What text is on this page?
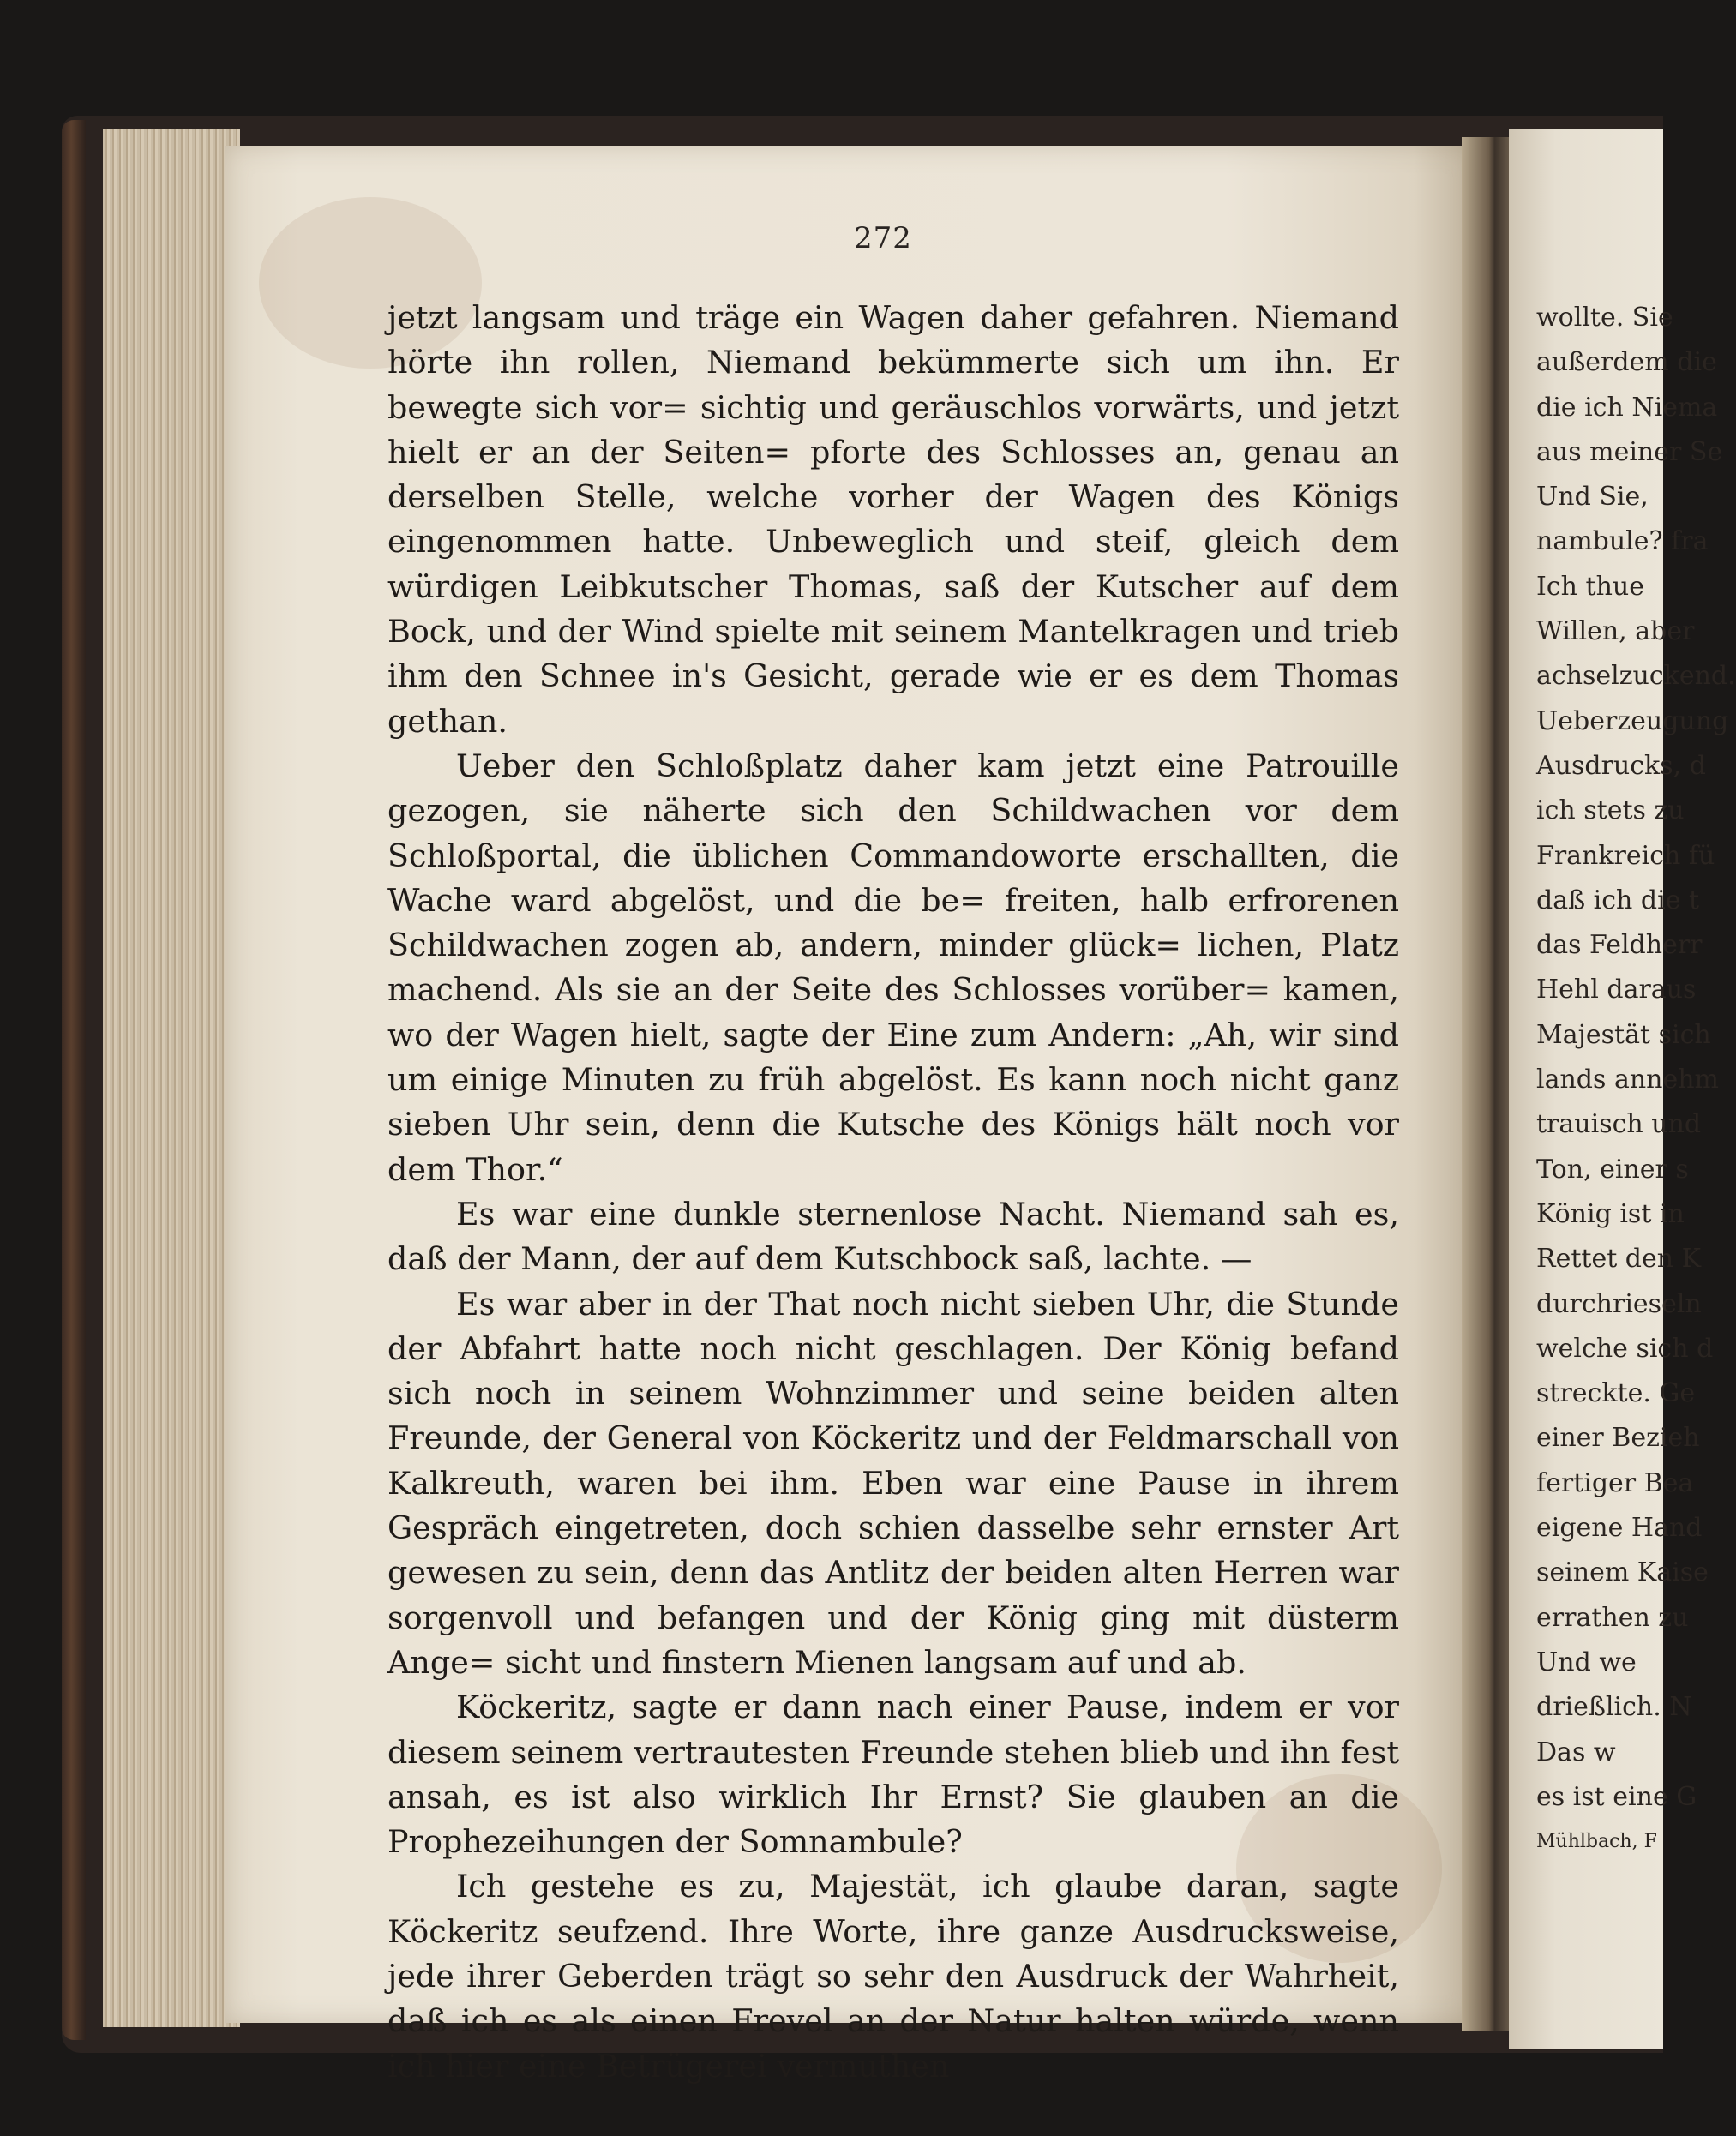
272

jetzt langsam und träge ein Wagen daher gefahren. Niemand hörte ihn rollen, Niemand bekümmerte sich um ihn. Er bewegte sich vor= sichtig und geräuschlos vorwärts, und jetzt hielt er an der Seiten= pforte des Schlosses an, genau an derselben Stelle, welche vorher der Wagen des Königs eingenommen hatte. Unbeweglich und steif, gleich dem würdigen Leibkutscher Thomas, saß der Kutscher auf dem Bock, und der Wind spielte mit seinem Mantelkragen und trieb ihm den Schnee in's Gesicht, gerade wie er es dem Thomas gethan.

Ueber den Schloßplatz daher kam jetzt eine Patrouille gezogen, sie näherte sich den Schildwachen vor dem Schloßportal, die üblichen Commandoworte erschallten, die Wache ward abgelöst, und die be= freiten, halb erfrorenen Schildwachen zogen ab, andern, minder glück= lichen, Platz machend. Als sie an der Seite des Schlosses vorüber= kamen, wo der Wagen hielt, sagte der Eine zum Andern: „Ah, wir sind um einige Minuten zu früh abgelöst. Es kann noch nicht ganz sieben Uhr sein, denn die Kutsche des Königs hält noch vor dem Thor.“

Es war eine dunkle sternenlose Nacht. Niemand sah es, daß der Mann, der auf dem Kutschbock saß, lachte. —

Es war aber in der That noch nicht sieben Uhr, die Stunde der Abfahrt hatte noch nicht geschlagen. Der König befand sich noch in seinem Wohnzimmer und seine beiden alten Freunde, der General von Köckeritz und der Feldmarschall von Kalkreuth, waren bei ihm. Eben war eine Pause in ihrem Gespräch eingetreten, doch schien dasselbe sehr ernster Art gewesen zu sein, denn das Antlitz der beiden alten Herren war sorgenvoll und befangen und der König ging mit düsterm Ange= sicht und finstern Mienen langsam auf und ab.

Köckeritz, sagte er dann nach einer Pause, indem er vor diesem seinem vertrautesten Freunde stehen blieb und ihn fest ansah, es ist also wirklich Ihr Ernst? Sie glauben an die Prophezeihungen der Somnambule?

Ich gestehe es zu, Majestät, ich glaube daran, sagte Köckeritz seufzend. Ihre Worte, ihre ganze Ausdrucksweise, jede ihrer Geberden trägt so sehr den Ausdruck der Wahrheit, daß ich es als einen Frevel an der Natur halten würde, wenn ich hier eine Betrügerei vermuthen

wollte. Sie
außerdem die
die ich Niema
aus meiner Se
Und Sie,
nambule? fra
Ich thue
Willen, aber
achselzuckend.
Ueberzeugung
Ausdrucks, d
ich stets zu
Frankreich fü
daß ich die t
das Feldherr
Hehl daraus
Majestät sich
lands annehm
trauisch und
Ton, einer s
König ist in
Rettet den K
durchrieseln
welche sich d
streckte. Ge
einer Bezieh
fertiger Bea
eigene Hand
seinem Kaise
errathen zu
Und we
drießlich. N
Das w
es ist eine G
Mühlbach, F
